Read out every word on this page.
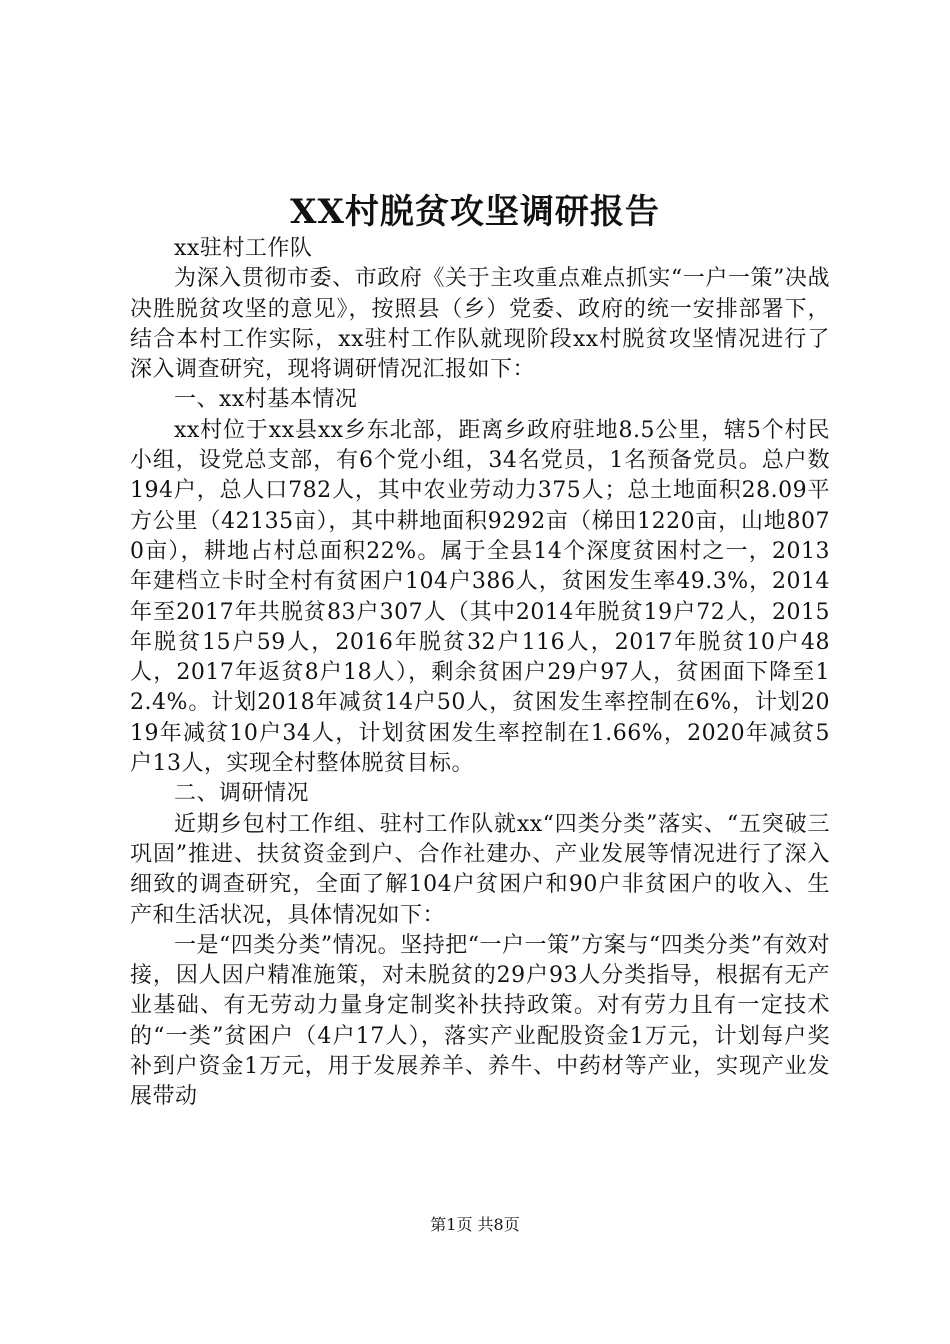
XX村脱贫攻坚调研报告

xx驻村工作队

为深入贯彻市委、市政府《关于主攻重点难点抓实“一户一策”决战决胜脱贫攻坚的意见》，按照县（乡）党委、政府的统一安排部署下，结合本村工作实际，xx驻村工作队就现阶段xx村脱贫攻坚情况进行了深入调查研究，现将调研情况汇报如下：

一、xx村基本情况

xx村位于xx县xx乡东北部，距离乡政府驻地8.5公里，辖5个村民小组，设党总支部，有6个党小组，34名党员，1名预备党员。总户数194户，总人口782人，其中农业劳动力375人；总土地面积28.09平方公里（42135亩），其中耕地面积9292亩（梯田1220亩，山地8070亩），耕地占村总面积22%。属于全县14个深度贫困村之一，2013年建档立卡时全村有贫困户104户386人，贫困发生率49.3%，2014年至2017年共脱贫83户307人（其中2014年脱贫19户72人，2015年脱贫15户59人，2016年脱贫32户116人，2017年脱贫10户48人，2017年返贫8户18人），剩余贫困户29户97人，贫困面下降至12.4%。计划2018年减贫14户50人，贫困发生率控制在6%，计划2019年减贫10户34人，计划贫困发生率控制在1.66%，2020年减贫5户13人，实现全村整体脱贫目标。

二、调研情况

近期乡包村工作组、驻村工作队就xx“四类分类”落实、“五突破三巩固”推进、扶贫资金到户、合作社建办、产业发展等情况进行了深入细致的调查研究，全面了解104户贫困户和90户非贫困户的收入、生产和生活状况，具体情况如下：

一是“四类分类”情况。坚持把“一户一策”方案与“四类分类”有效对接，因人因户精准施策，对未脱贫的29户93人分类指导，根据有无产业基础、有无劳动力量身定制奖补扶持政策。对有劳力且有一定技术的“一类”贫困户（4户17人），落实产业配股资金1万元，计划每户奖补到户资金1万元，用于发展养羊、养牛、中药材等产业，实现产业发展带动

第1页 共8页
